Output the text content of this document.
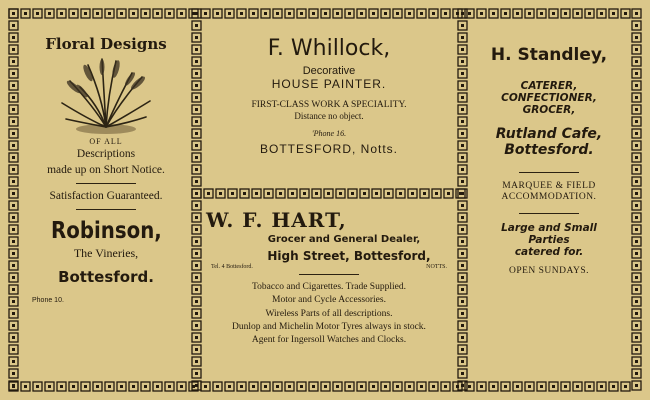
Floral Designs
OF ALL
Descriptions
made up on Short Notice.
Satisfaction Guaranteed.
Robinson,
The Vineries,
Bottesford.
Phone 10.
F. Whillock,
Decorative
HOUSE PAINTER.
FIRST-CLASS WORK A SPECIALITY.
Distance no object.
'Phone 16.
BOTTESFORD, Notts.
W. F. HART,
Grocer and General Dealer,
High Street, Bottesford,
Tel. 4 Bottesford.	NOTTS.
Tobacco and Cigarettes. Trade Supplied.
Motor and Cycle Accessories.
Wireless Parts of all descriptions.
Dunlop and Michelin Motor Tyres always in stock.
Agent for Ingersoll Watches and Clocks.
H. Standley,
CATERER,
CONFECTIONER,
GROCER,
Rutland Cafe,
Bottesford.
MARQUEE & FIELD
ACCOMMODATION.
Large and Small
Parties
catered for.
OPEN SUNDAYS.
